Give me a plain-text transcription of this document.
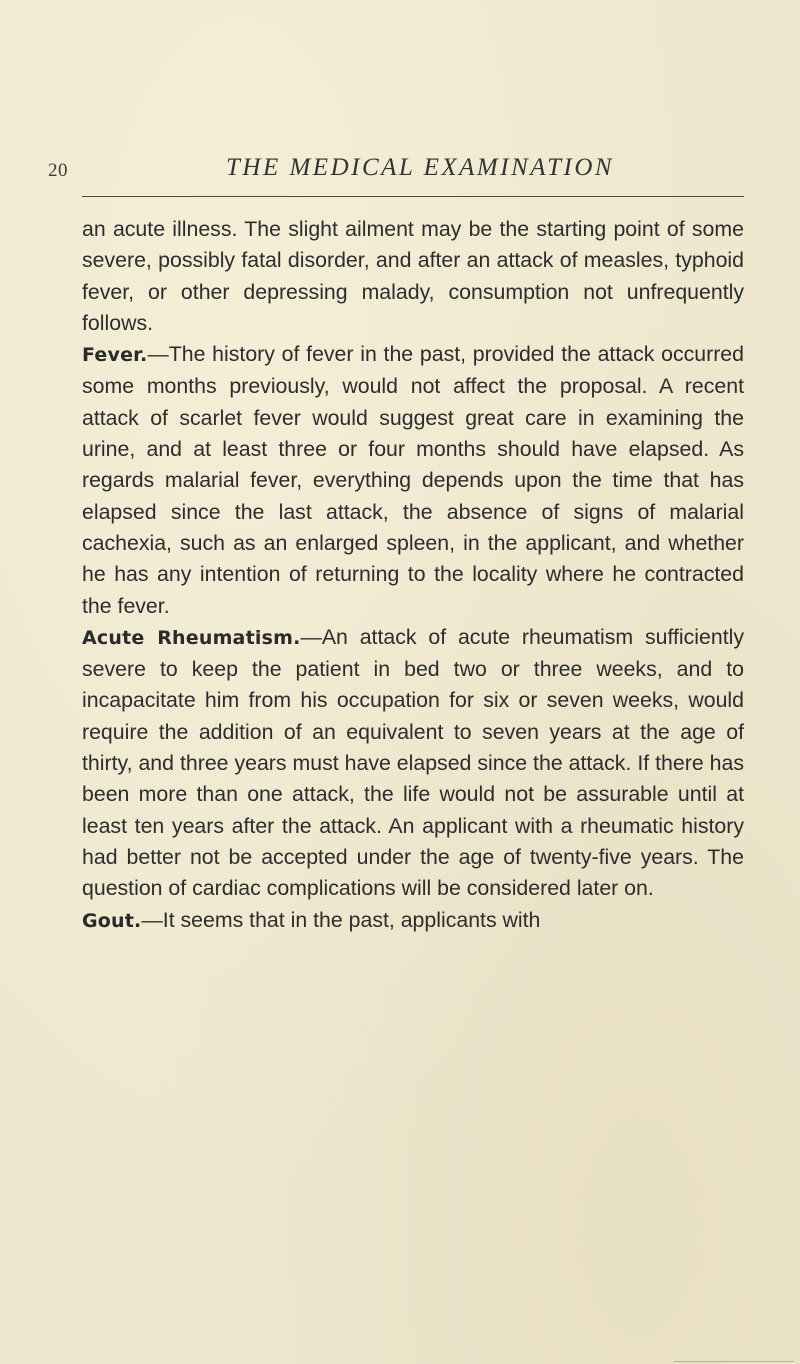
20	THE MEDICAL EXAMINATION

an acute illness. The slight ailment may be the starting point of some severe, possibly fatal disorder, and after an attack of measles, typhoid fever, or other depressing malady, consumption not unfrequently follows.

Fever.—The history of fever in the past, provided the attack occurred some months previously, would not affect the proposal. A recent attack of scarlet fever would suggest great care in examining the urine, and at least three or four months should have elapsed. As regards malarial fever, everything depends upon the time that has elapsed since the last attack, the absence of signs of malarial cachexia, such as an enlarged spleen, in the applicant, and whether he has any intention of returning to the locality where he contracted the fever.

Acute Rheumatism.—An attack of acute rheumatism sufficiently severe to keep the patient in bed two or three weeks, and to incapacitate him from his occupation for six or seven weeks, would require the addition of an equivalent to seven years at the age of thirty, and three years must have elapsed since the attack. If there has been more than one attack, the life would not be assurable until at least ten years after the attack. An applicant with a rheumatic history had better not be accepted under the age of twenty-five years. The question of cardiac complications will be considered later on.

Gout.—It seems that in the past, applicants with
